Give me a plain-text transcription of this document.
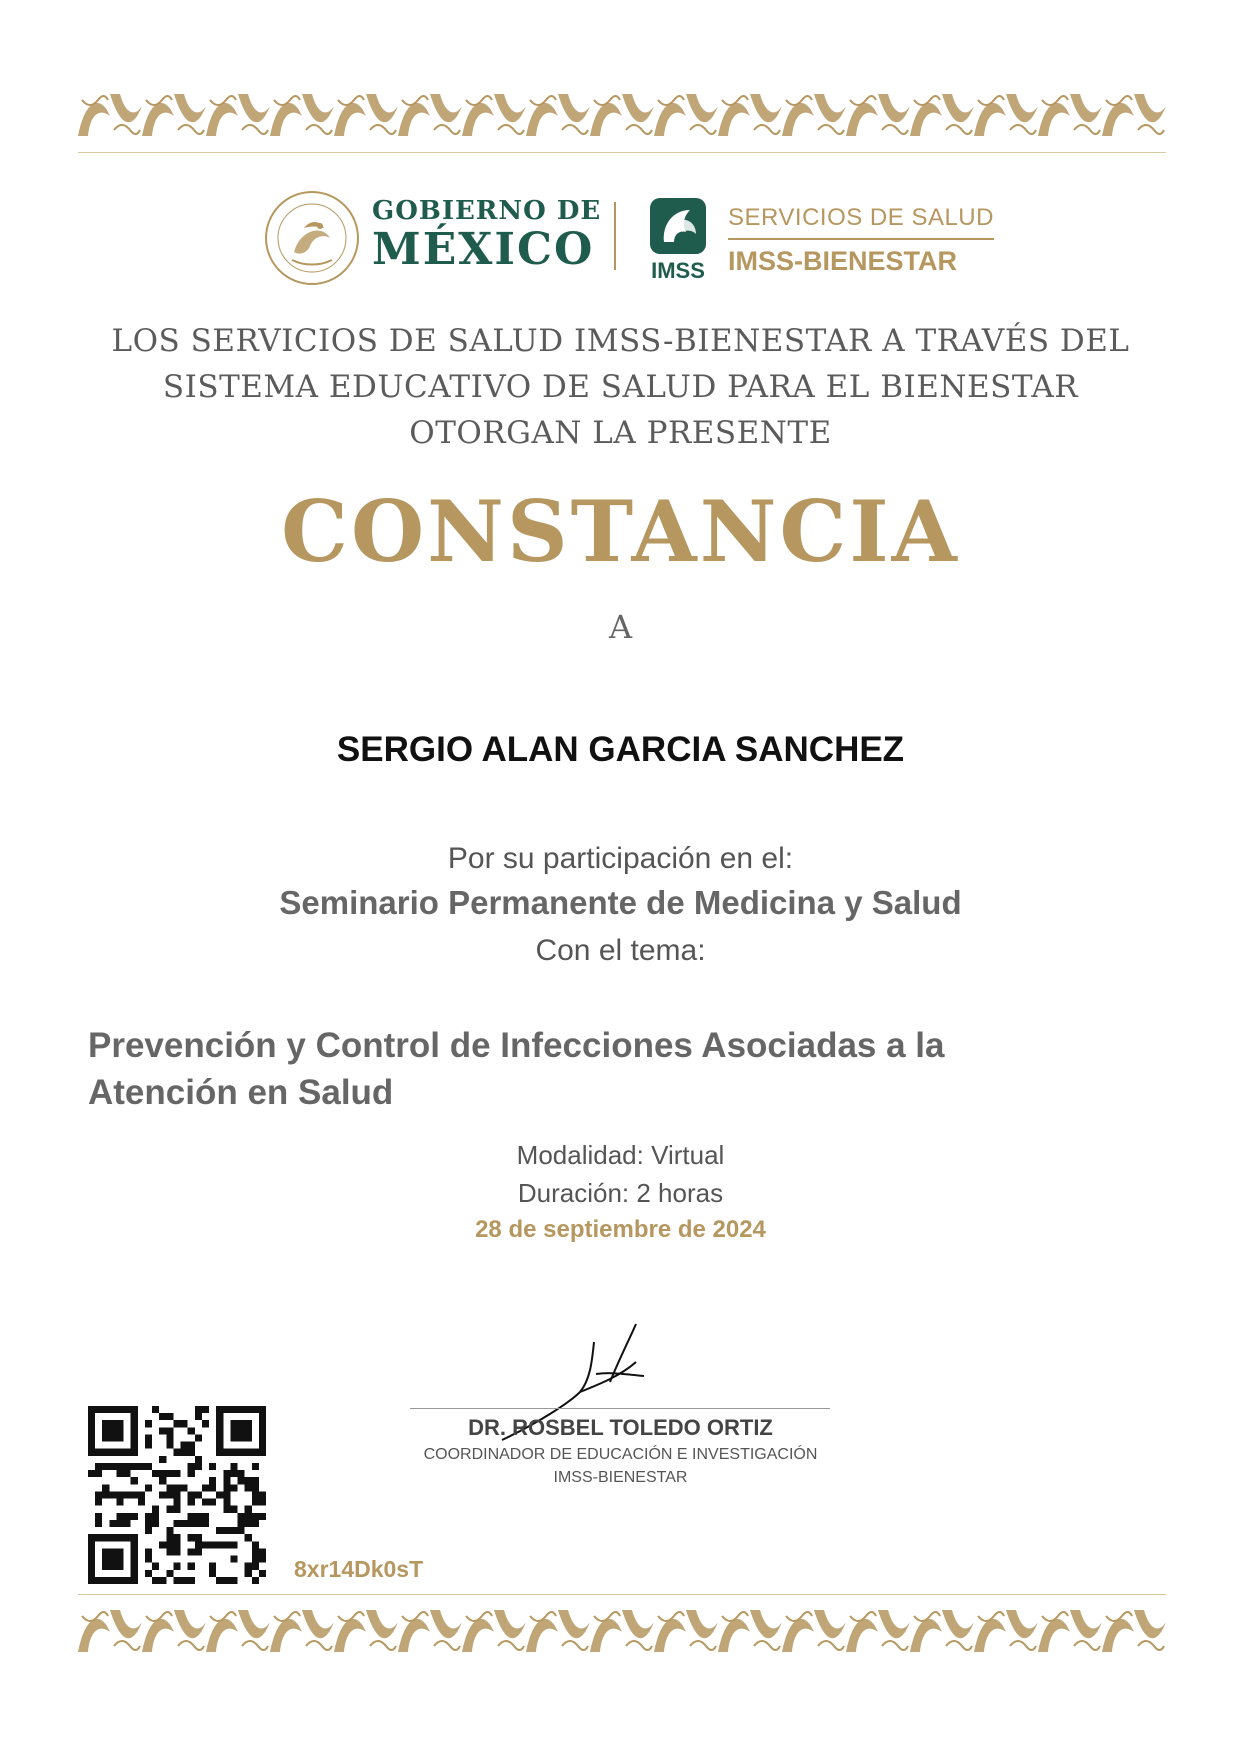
GOBIERNO DE
MÉXICO	IMSS
SERVICIOS DE SALUD
IMSS-BIENESTAR
LOS SERVICIOS DE SALUD IMSS-BIENESTAR A TRAVÉS DEL
SISTEMA EDUCATIVO DE SALUD PARA EL BIENESTAR
OTORGAN LA PRESENTE
CONSTANCIA
A
SERGIO ALAN GARCIA SANCHEZ
Por su participación en el:
Seminario Permanente de Medicina y Salud
Con el tema:
Prevención y Control de Infecciones Asociadas a la
Atención en Salud
Modalidad: Virtual
Duración: 2 horas
28 de septiembre de 2024
DR. ROSBEL TOLEDO ORTIZ
COORDINADOR DE EDUCACIÓN E INVESTIGACIÓN
IMSS-BIENESTAR
8xr14Dk0sT
